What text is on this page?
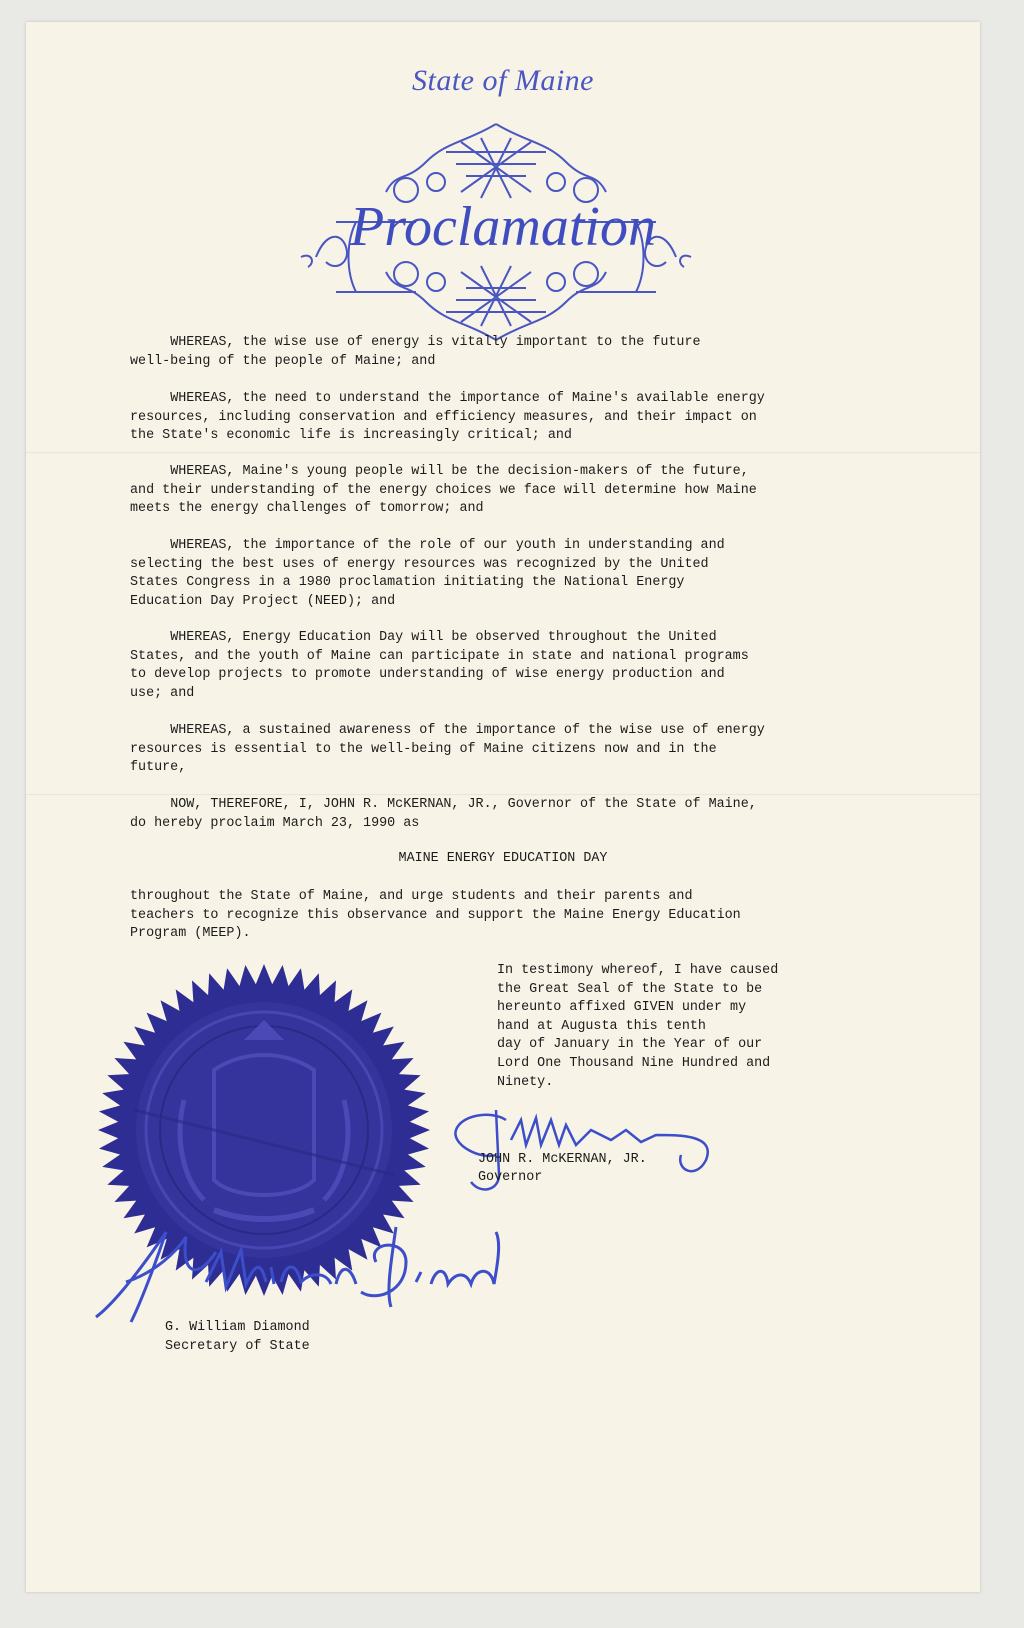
State of Maine
Proclamation
WHEREAS, the wise use of energy is vitally important to the future
well-being of the people of Maine; and
WHEREAS, the need to understand the importance of Maine's available energy
resources, including conservation and efficiency measures, and their impact on
the State's economic life is increasingly critical; and
WHEREAS, Maine's young people will be the decision-makers of the future,
and their understanding of the energy choices we face will determine how Maine
meets the energy challenges of tomorrow; and
WHEREAS, the importance of the role of our youth in understanding and
selecting the best uses of energy resources was recognized by the United
States Congress in a 1980 proclamation initiating the National Energy
Education Day Project (NEED); and
WHEREAS, Energy Education Day will be observed throughout the United
States, and the youth of Maine can participate in state and national programs
to develop projects to promote understanding of wise energy production and
use; and
WHEREAS, a sustained awareness of the importance of the wise use of energy
resources is essential to the well-being of Maine citizens now and in the
future,
NOW, THEREFORE, I, JOHN R. McKERNAN, JR., Governor of the State of Maine,
do hereby proclaim March 23, 1990 as
MAINE ENERGY EDUCATION DAY
throughout the State of Maine, and urge students and their parents and
teachers to recognize this observance and support the Maine Energy Education
Program (MEEP).
In testimony whereof, I have caused
the Great Seal of the State to be
hereunto affixed GIVEN under my
hand at Augusta this tenth
day of January in the Year of our
Lord One Thousand Nine Hundred and
Ninety.
JOHN R. McKERNAN, JR.
Governor
G. William Diamond
Secretary of State
